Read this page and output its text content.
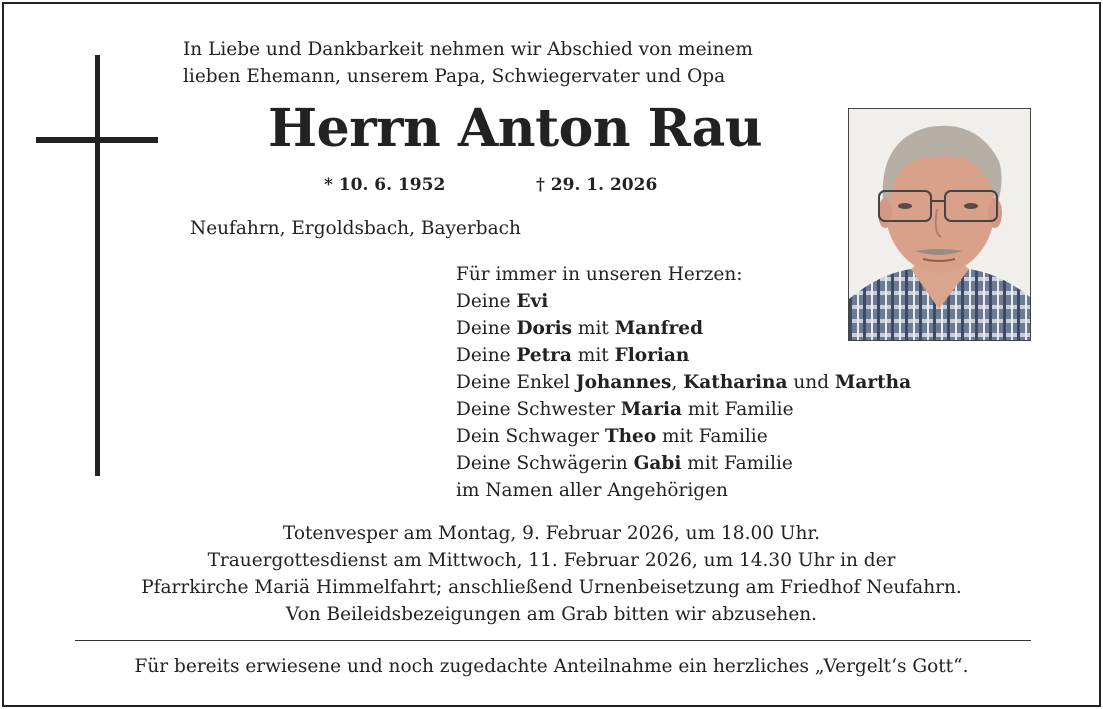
In Liebe und Dankbarkeit nehmen wir Abschied von meinem
lieben Ehemann, unserem Papa, Schwiegervater und Opa
Herrn Anton Rau
* 10. 6. 1952	† 29. 1. 2026
Neufahrn, Ergoldsbach, Bayerbach
Für immer in unseren Herzen:
Deine Evi
Deine Doris mit Manfred
Deine Petra mit Florian
Deine Enkel Johannes, Katharina und Martha
Deine Schwester Maria mit Familie
Dein Schwager Theo mit Familie
Deine Schwägerin Gabi mit Familie
im Namen aller Angehörigen
Totenvesper am Montag, 9. Februar 2026, um 18.00 Uhr.
Trauergottesdienst am Mittwoch, 11. Februar 2026, um 14.30 Uhr in der
Pfarrkirche Mariä Himmelfahrt; anschließend Urnenbeisetzung am Friedhof Neufahrn.
Von Beileidsbezeigungen am Grab bitten wir abzusehen.
Für bereits erwiesene und noch zugedachte Anteilnahme ein herzliches „Vergelt‘s Gott“.
